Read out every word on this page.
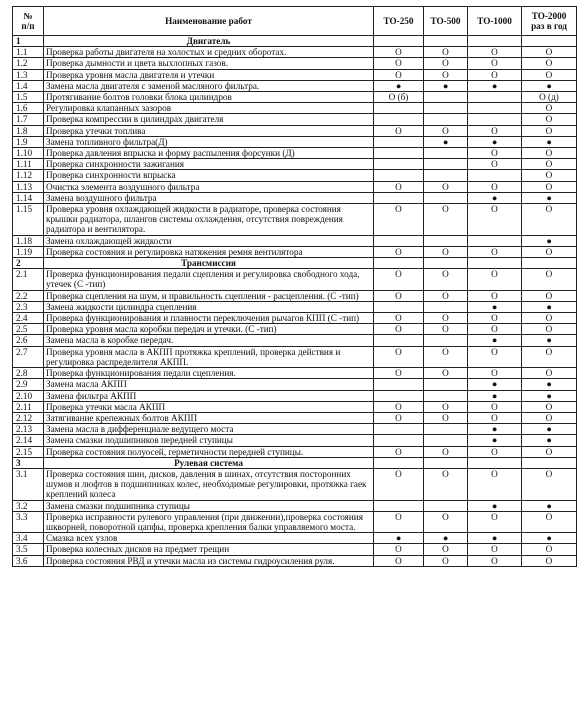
№
п/п	Наименование работ	ТО-250	ТО-500	ТО-1000	ТО-2000
раз в год
1	Двигатель				
1.1	Проверка работы двигателя на холостых и средних оборотах.	O	O	O	O
1.2	Проверка дымности и цвета выхлопных газов.	O	O	O	O
1.3	Проверка уровня масла двигателя и утечки	O	O	O	O
1.4	Замена масла двигателя с заменой масляного фильтра.	●	●	●	●
1.5	Протягивание болтов головки блока цилиндров	O (б)			O (д)
1.6	Регулировка клапанных зазоров				O
1.7	Проверка компрессии в цилиндрах двигателя				O
1.8	Проверка утечки топлива	O	O	O	O
1.9	Замена топливного фильтра(Д)		●	●	●
1.10	Проверка давления впрыска и форму распыления форсунки (Д)			O	O
1.11	Проверка синхронности зажигания			O	O
1.12	Проверка синхронности впрыска				O
1.13	Очистка элемента воздушного фильтра	O	O	O	O
1.14	Замена воздушного фильтра			●	●
1.15	Проверка уровня охлаждающей жидкости в радиаторе, проверка состояния крышки радиатора, шлангов системы охлаждения, отсутствия повреждения радиатора и вентилятора.	O	O	O	O
1.18	Замена охлаждающей жидкости				●
1.19	Проверка состояния и регулировка натяжения ремня вентилятора	O	O	O	O
2	Трансмиссия				
2.1	Проверка функционирования педали сцепления и регулировка свободного хода, утечек (С -тип)	O	O	O	O
2.2	Проверка сцепления на шум, и правильность сцепления - расцепления. (С -тип)	O	O	O	O
2.3	Замена жидкости цилиндра сцепления			●	●
2.4	Проверка функционирования и плавности переключения рычагов КПП (С -тип)	O	O	O	O
2.5	Проверка уровня масла коробки передач и утечки. (С -тип)	O	O	O	O
2.6	Замена масла в коробке передач.			●	●
2.7	Проверка уровня масла в АКПП протяжка креплений, проверка действия и регулировка распределителя АКПП.	O	O	O	O
2.8	Проверка функционирования педали сцепления.	O	O	O	O
2.9	Замена масла АКПП			●	●
2.10	Замена фильтра АКПП			●	●
2.11	Проверка утечки масла АКПП	O	O	O	O
2.12	Затягивание крепежных болтов АКПП	O	O	O	O
2.13	Замена масла в дифференциале ведущего моста			●	●
2.14	Замена смазки подшипников передней ступицы			●	●
2.15	Проверка состояния полуосей, герметичности передней ступицы.	O	O	O	O
3	Рулевая система				
3.1	Проверка состояния шин, дисков, давления в шинах, отсутствия посторонних шумов и люфтов в подшипниках колес, необходимые регулировки, протяжка гаек креплений колеса	O	O	O	O
3.2	Замена смазки подшипника ступицы			●	●
3.3	Проверка исправности рулевого управления (при движении),проверка состояния шкворней, поворотной цапфы, проверка крепления балки управляемого моста.	O	O	O	O
3.4	Смазка всех узлов	●	●	●	●
3.5	Проверка колесных дисков на предмет трещин	O	O	O	O
3.6	Проверка состояния РВД и утечки масла из системы гидроусиления руля.	O	O	O	O
